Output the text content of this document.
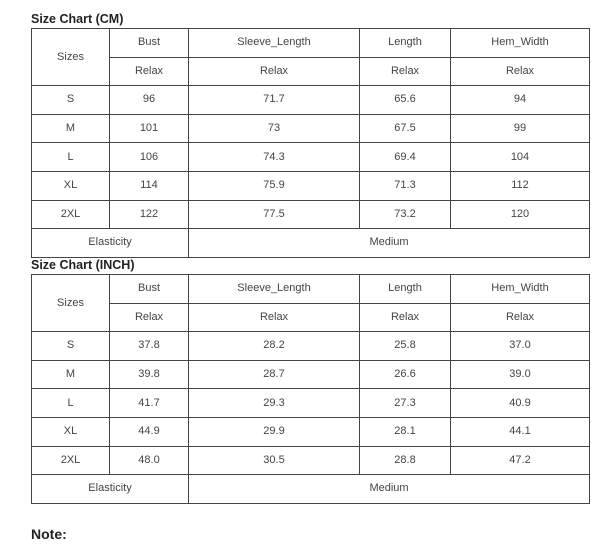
Size Chart (CM)
Sizes	Bust	Sleeve_Length	Length	Hem_Width
	Relax	Relax	Relax	Relax
S	96	71.7	65.6	94
M	101	73	67.5	99
L	106	74.3	69.4	104
XL	114	75.9	71.3	112
2XL	122	77.5	73.2	120
Elasticity		Medium		
Size Chart (INCH)
Sizes	Bust	Sleeve_Length	Length	Hem_Width
	Relax	Relax	Relax	Relax
S	37.8	28.2	25.8	37.0
M	39.8	28.7	26.6	39.0
L	41.7	29.3	27.3	40.9
XL	44.9	29.9	28.1	44.1
2XL	48.0	30.5	28.8	47.2
Elasticity		Medium		

Note:
